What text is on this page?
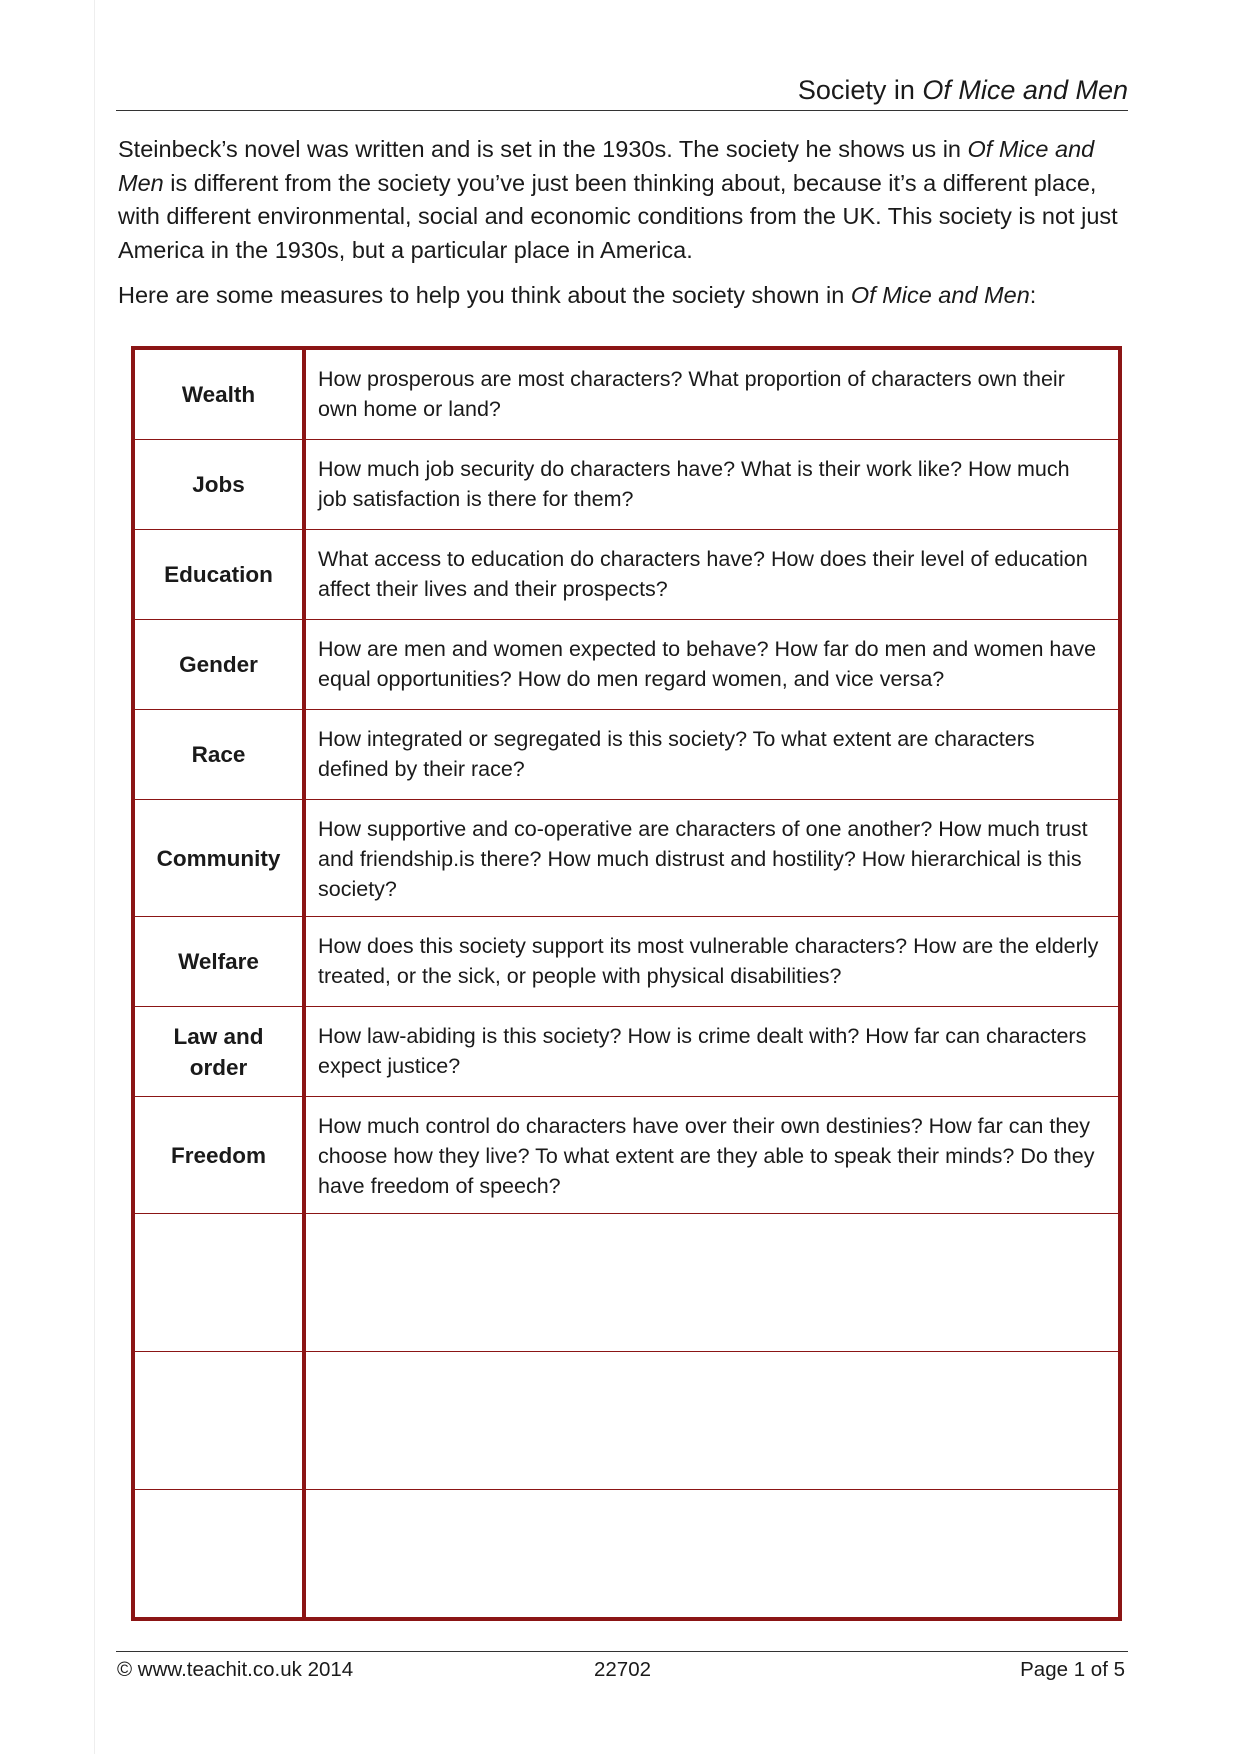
Society in Of Mice and Men

Steinbeck’s novel was written and is set in the 1930s. The society he shows us in Of Mice and Men is different from the society you’ve just been thinking about, because it’s a different place, with different environmental, social and economic conditions from the UK. This society is not just America in the 1930s, but a particular place in America.

Here are some measures to help you think about the society shown in Of Mice and Men:

Wealth
How prosperous are most characters? What proportion of characters own their own home or land?
Jobs
How much job security do characters have? What is their work like? How much job satisfaction is there for them?
Education
What access to education do characters have? How does their level of education affect their lives and their prospects?
Gender
How are men and women expected to behave? How far do men and women have equal opportunities? How do men regard women, and vice versa?
Race
How integrated or segregated is this society? To what extent are characters defined by their race?
Community
How supportive and co-operative are characters of one another? How much trust and friendship.is there? How much distrust and hostility? How hierarchical is this society?
Welfare
How does this society support its most vulnerable characters? How are the elderly treated, or the sick, or people with physical disabilities?
Law and order
How law-abiding is this society? How is crime dealt with? How far can characters expect justice?
Freedom
How much control do characters have over their own destinies? How far can they choose how they live? To what extent are they able to speak their minds? Do they have freedom of speech?
© www.teachit.co.uk 2014	22702	Page 1 of 5
